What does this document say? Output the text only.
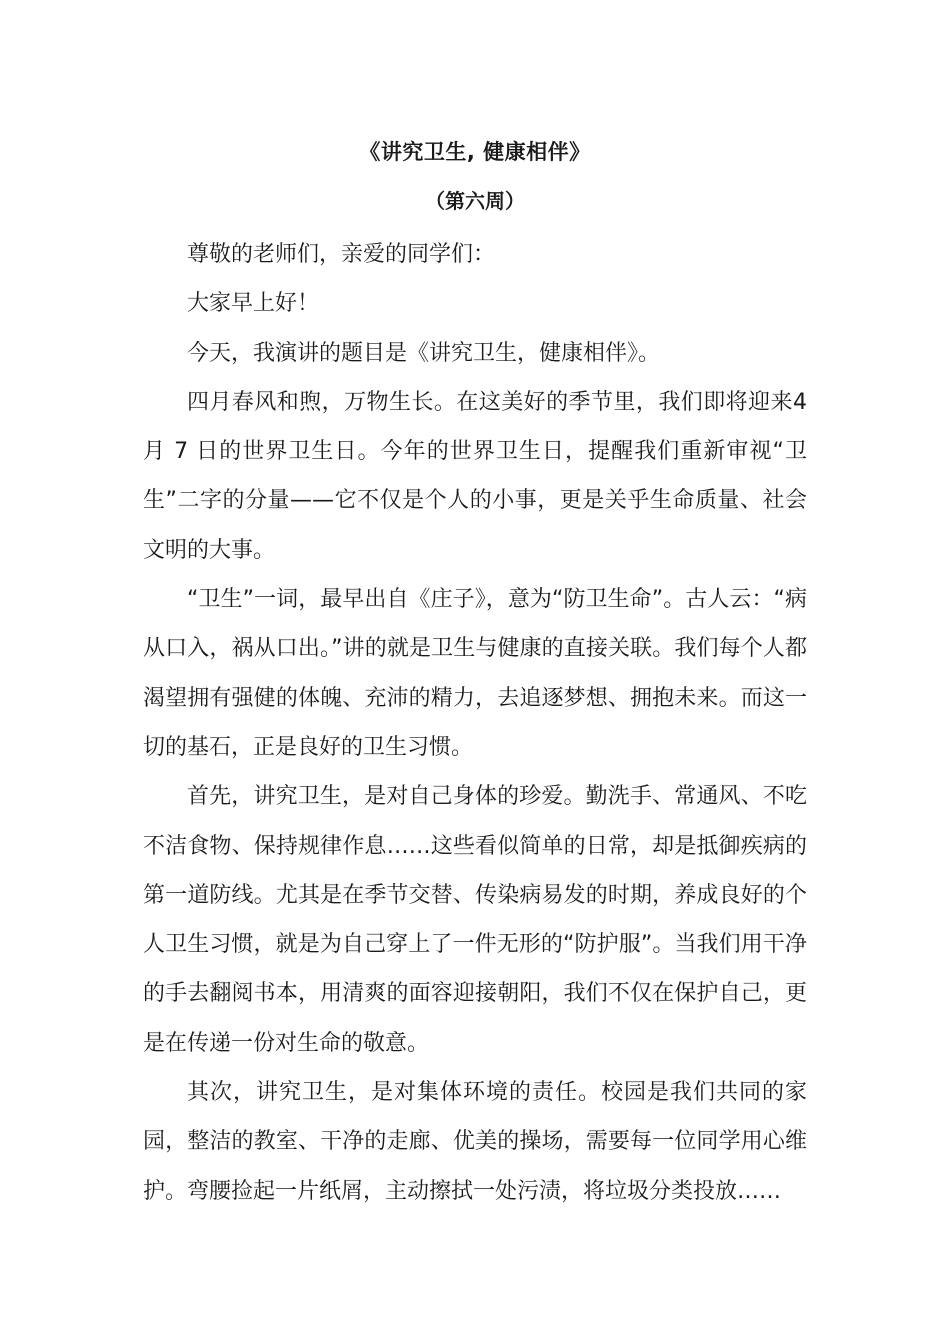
《讲究卫生, 健康相伴》
（第六周）

尊敬的老师们，亲爱的同学们：

大家早上好！

今天，我演讲的题目是《讲究卫生，健康相伴》。

四月春风和煦，万物生长。在这美好的季节里，我们即将迎来4 月 7 日的世界卫生日。今年的世界卫生日，提醒我们重新审视“卫生”二字的分量——它不仅是个人的小事，更是关乎生命质量、社会文明的大事。

“卫生”一词，最早出自《庄子》，意为“防卫生命”。古人云：“病从口入，祸从口出。”讲的就是卫生与健康的直接关联。我们每个人都渴望拥有强健的体魄、充沛的精力，去追逐梦想、拥抱未来。而这一切的基石，正是良好的卫生习惯。

首先，讲究卫生，是对自己身体的珍爱。勤洗手、常通风、不吃不洁食物、保持规律作息……这些看似简单的日常，却是抵御疾病的第一道防线。尤其是在季节交替、传染病易发的时期，养成良好的个人卫生习惯，就是为自己穿上了一件无形的“防护服”。当我们用干净的手去翻阅书本，用清爽的面容迎接朝阳，我们不仅在保护自己，更是在传递一份对生命的敬意。

其次，讲究卫生，是对集体环境的责任。校园是我们共同的家园，整洁的教室、干净的走廊、优美的操场，需要每一位同学用心维护。弯腰捡起一片纸屑，主动擦拭一处污渍，将垃圾分类投放……
